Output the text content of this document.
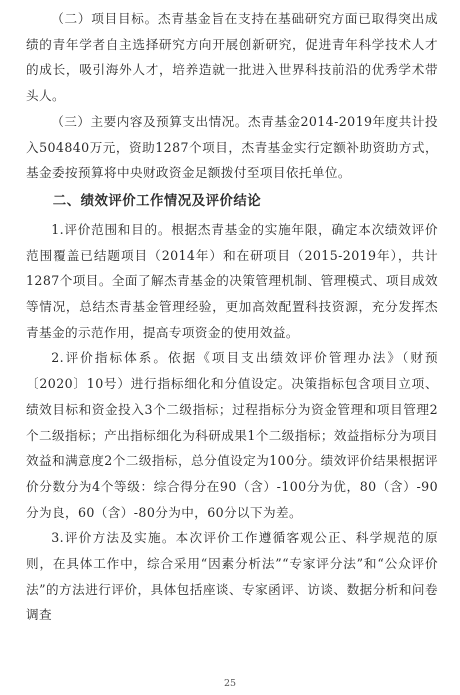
（二）项目目标。杰青基金旨在支持在基础研究方面已取得突出成绩的青年学者自主选择研究方向开展创新研究，促进青年科学技术人才的成长，吸引海外人才，培养造就一批进入世界科技前沿的优秀学术带头人。

（三）主要内容及预算支出情况。杰青基金2014-2019年度共计投入504840万元，资助1287个项目，杰青基金实行定额补助资助方式，基金委按预算将中央财政资金足额拨付至项目依托单位。

二、绩效评价工作情况及评价结论

1.评价范围和目的。根据杰青基金的实施年限，确定本次绩效评价范围覆盖已结题项目（2014年）和在研项目（2015-2019年），共计1287个项目。全面了解杰青基金的决策管理机制、管理模式、项目成效等情况，总结杰青基金管理经验，更加高效配置科技资源，充分发挥杰青基金的示范作用，提高专项资金的使用效益。

2.评价指标体系。依据《项目支出绩效评价管理办法》（财预〔2020〕10号）进行指标细化和分值设定。决策指标包含项目立项、绩效目标和资金投入3个二级指标；过程指标分为资金管理和项目管理2个二级指标；产出指标细化为科研成果1个二级指标；效益指标分为项目效益和满意度2个二级指标，总分值设定为100分。绩效评价结果根据评价分数分为4个等级：综合得分在90（含）-100分为优，80（含）-90分为良，60（含）-80分为中，60分以下为差。

3.评价方法及实施。本次评价工作遵循客观公正、科学规范的原则，在具体工作中，综合采用“因素分析法”“专家评分法”和“公众评价法”的方法进行评价，具体包括座谈、专家函评、访谈、数据分析和问卷调查

25
